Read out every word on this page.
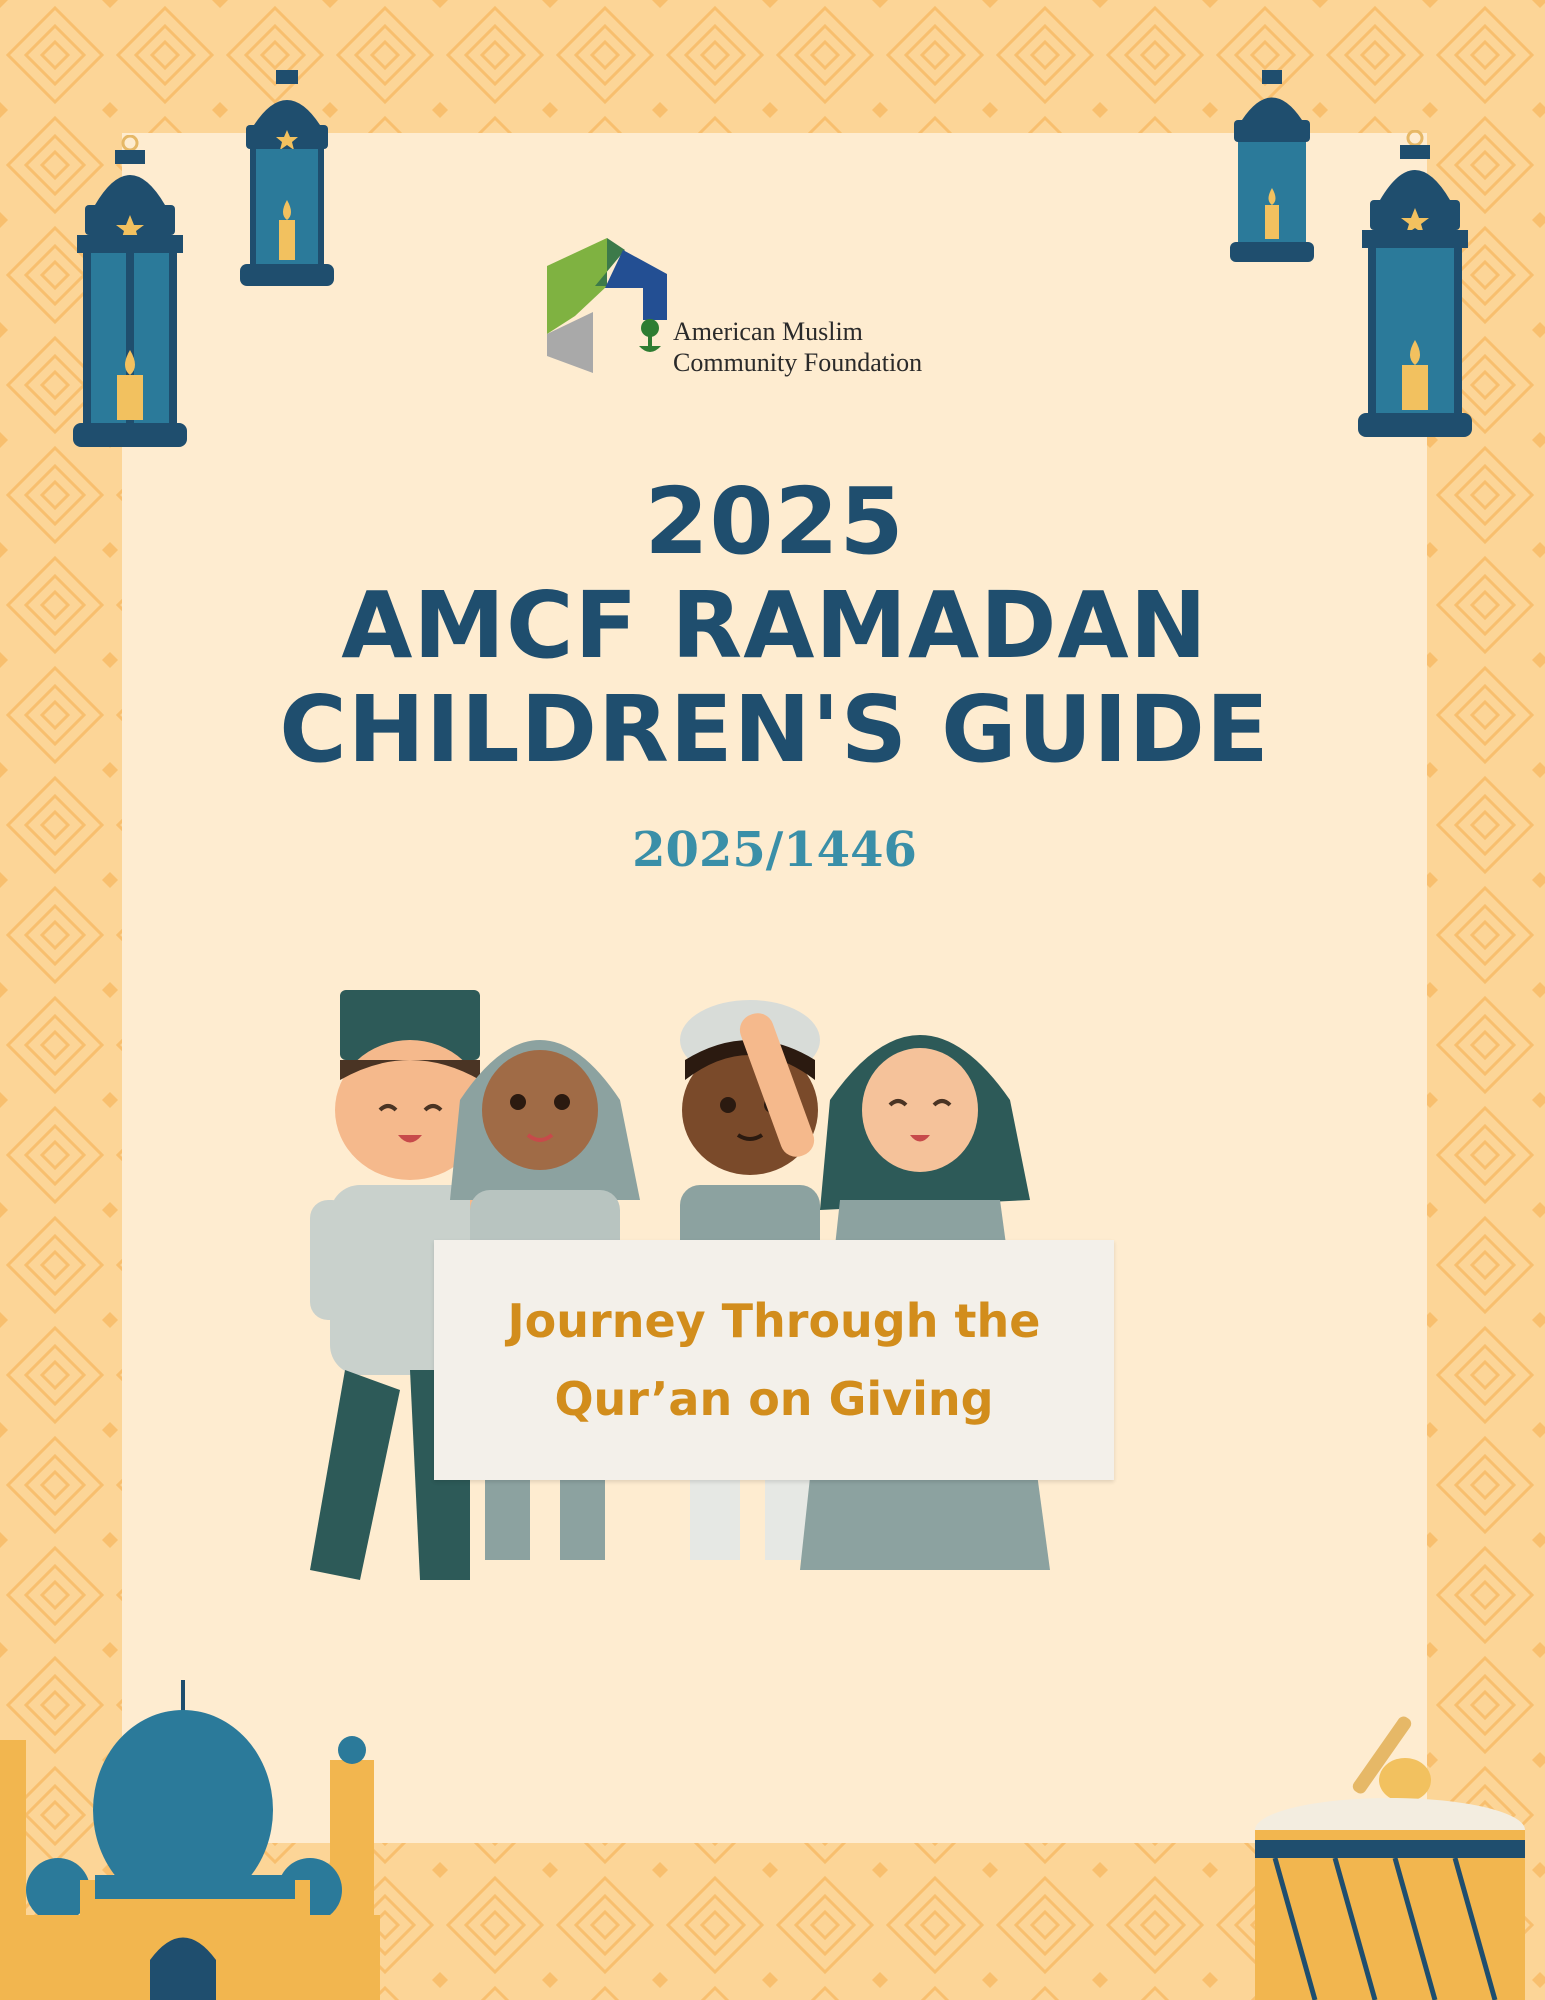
American Muslim
Community Foundation
2025
AMCF RAMADAN
CHILDREN'S GUIDE
2025/1446
Journey Through the
Qur’an on Giving
